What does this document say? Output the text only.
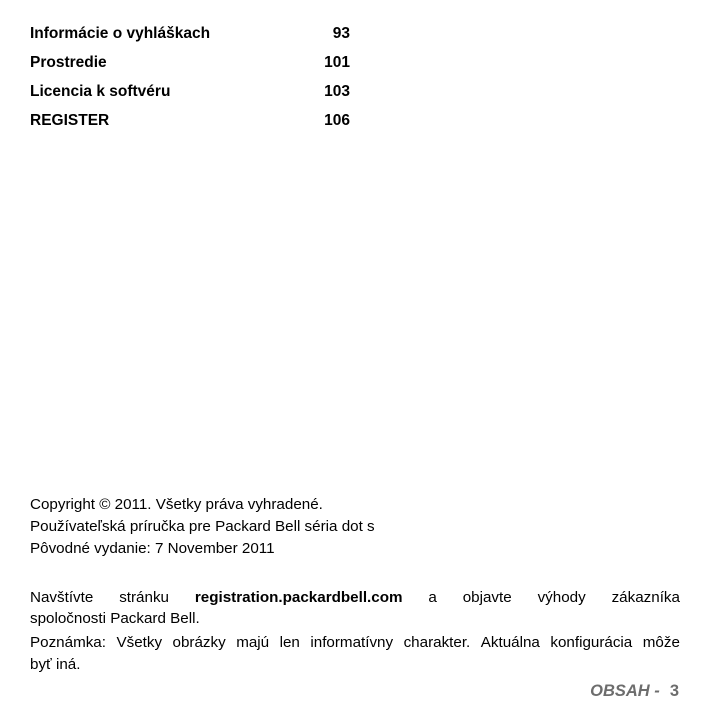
Informácie o vyhláškach	93
Prostredie	101
Licencia k softvéru	103
REGISTER	106
Copyright © 2011. Všetky práva vyhradené.
Používateľská príručka pre Packard Bell séria dot s
Pôvodné vydanie: 7 November 2011
Navštívte stránku registration.packardbell.com a objavte výhody zákazníka
spoločnosti Packard Bell.
Poznámka: Všetky obrázky majú len informatívny charakter. Aktuálna konfigurácia môže
byť iná.
OBSAH - 3
